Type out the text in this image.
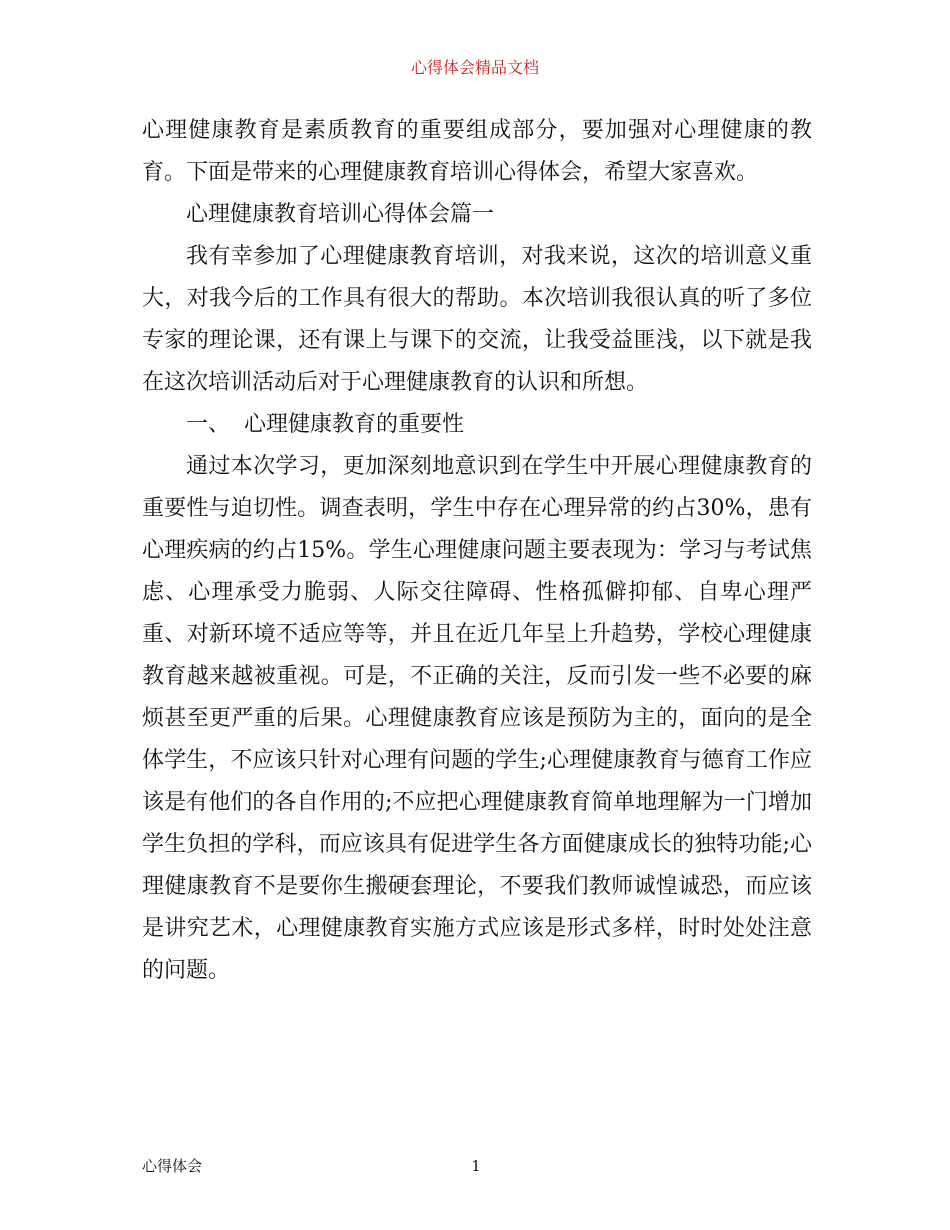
心得体会精品文档

心理健康教育是素质教育的重要组成部分，要加强对心理健康的教育。下面是带来的心理健康教育培训心得体会，希望大家喜欢。

心理健康教育培训心得体会篇一

我有幸参加了心理健康教育培训，对我来说，这次的培训意义重大，对我今后的工作具有很大的帮助。本次培训我很认真的听了多位专家的理论课，还有课上与课下的交流，让我受益匪浅，以下就是我在这次培训活动后对于心理健康教育的认识和所想。

一、  心理健康教育的重要性

通过本次学习，更加深刻地意识到在学生中开展心理健康教育的重要性与迫切性。调查表明，学生中存在心理异常的约占30%，患有心理疾病的约占15%。学生心理健康问题主要表现为：学习与考试焦虑、心理承受力脆弱、人际交往障碍、性格孤僻抑郁、自卑心理严重、对新环境不适应等等，并且在近几年呈上升趋势，学校心理健康教育越来越被重视。可是，不正确的关注，反而引发一些不必要的麻烦甚至更严重的后果。心理健康教育应该是预防为主的，面向的是全体学生，不应该只针对心理有问题的学生;心理健康教育与德育工作应该是有他们的各自作用的;不应把心理健康教育简单地理解为一门增加学生负担的学科，而应该具有促进学生各方面健康成长的独特功能;心理健康教育不是要你生搬硬套理论，不要我们教师诚惶诚恐，而应该是讲究艺术，心理健康教育实施方式应该是形式多样，时时处处注意的问题。

心得体会	1
